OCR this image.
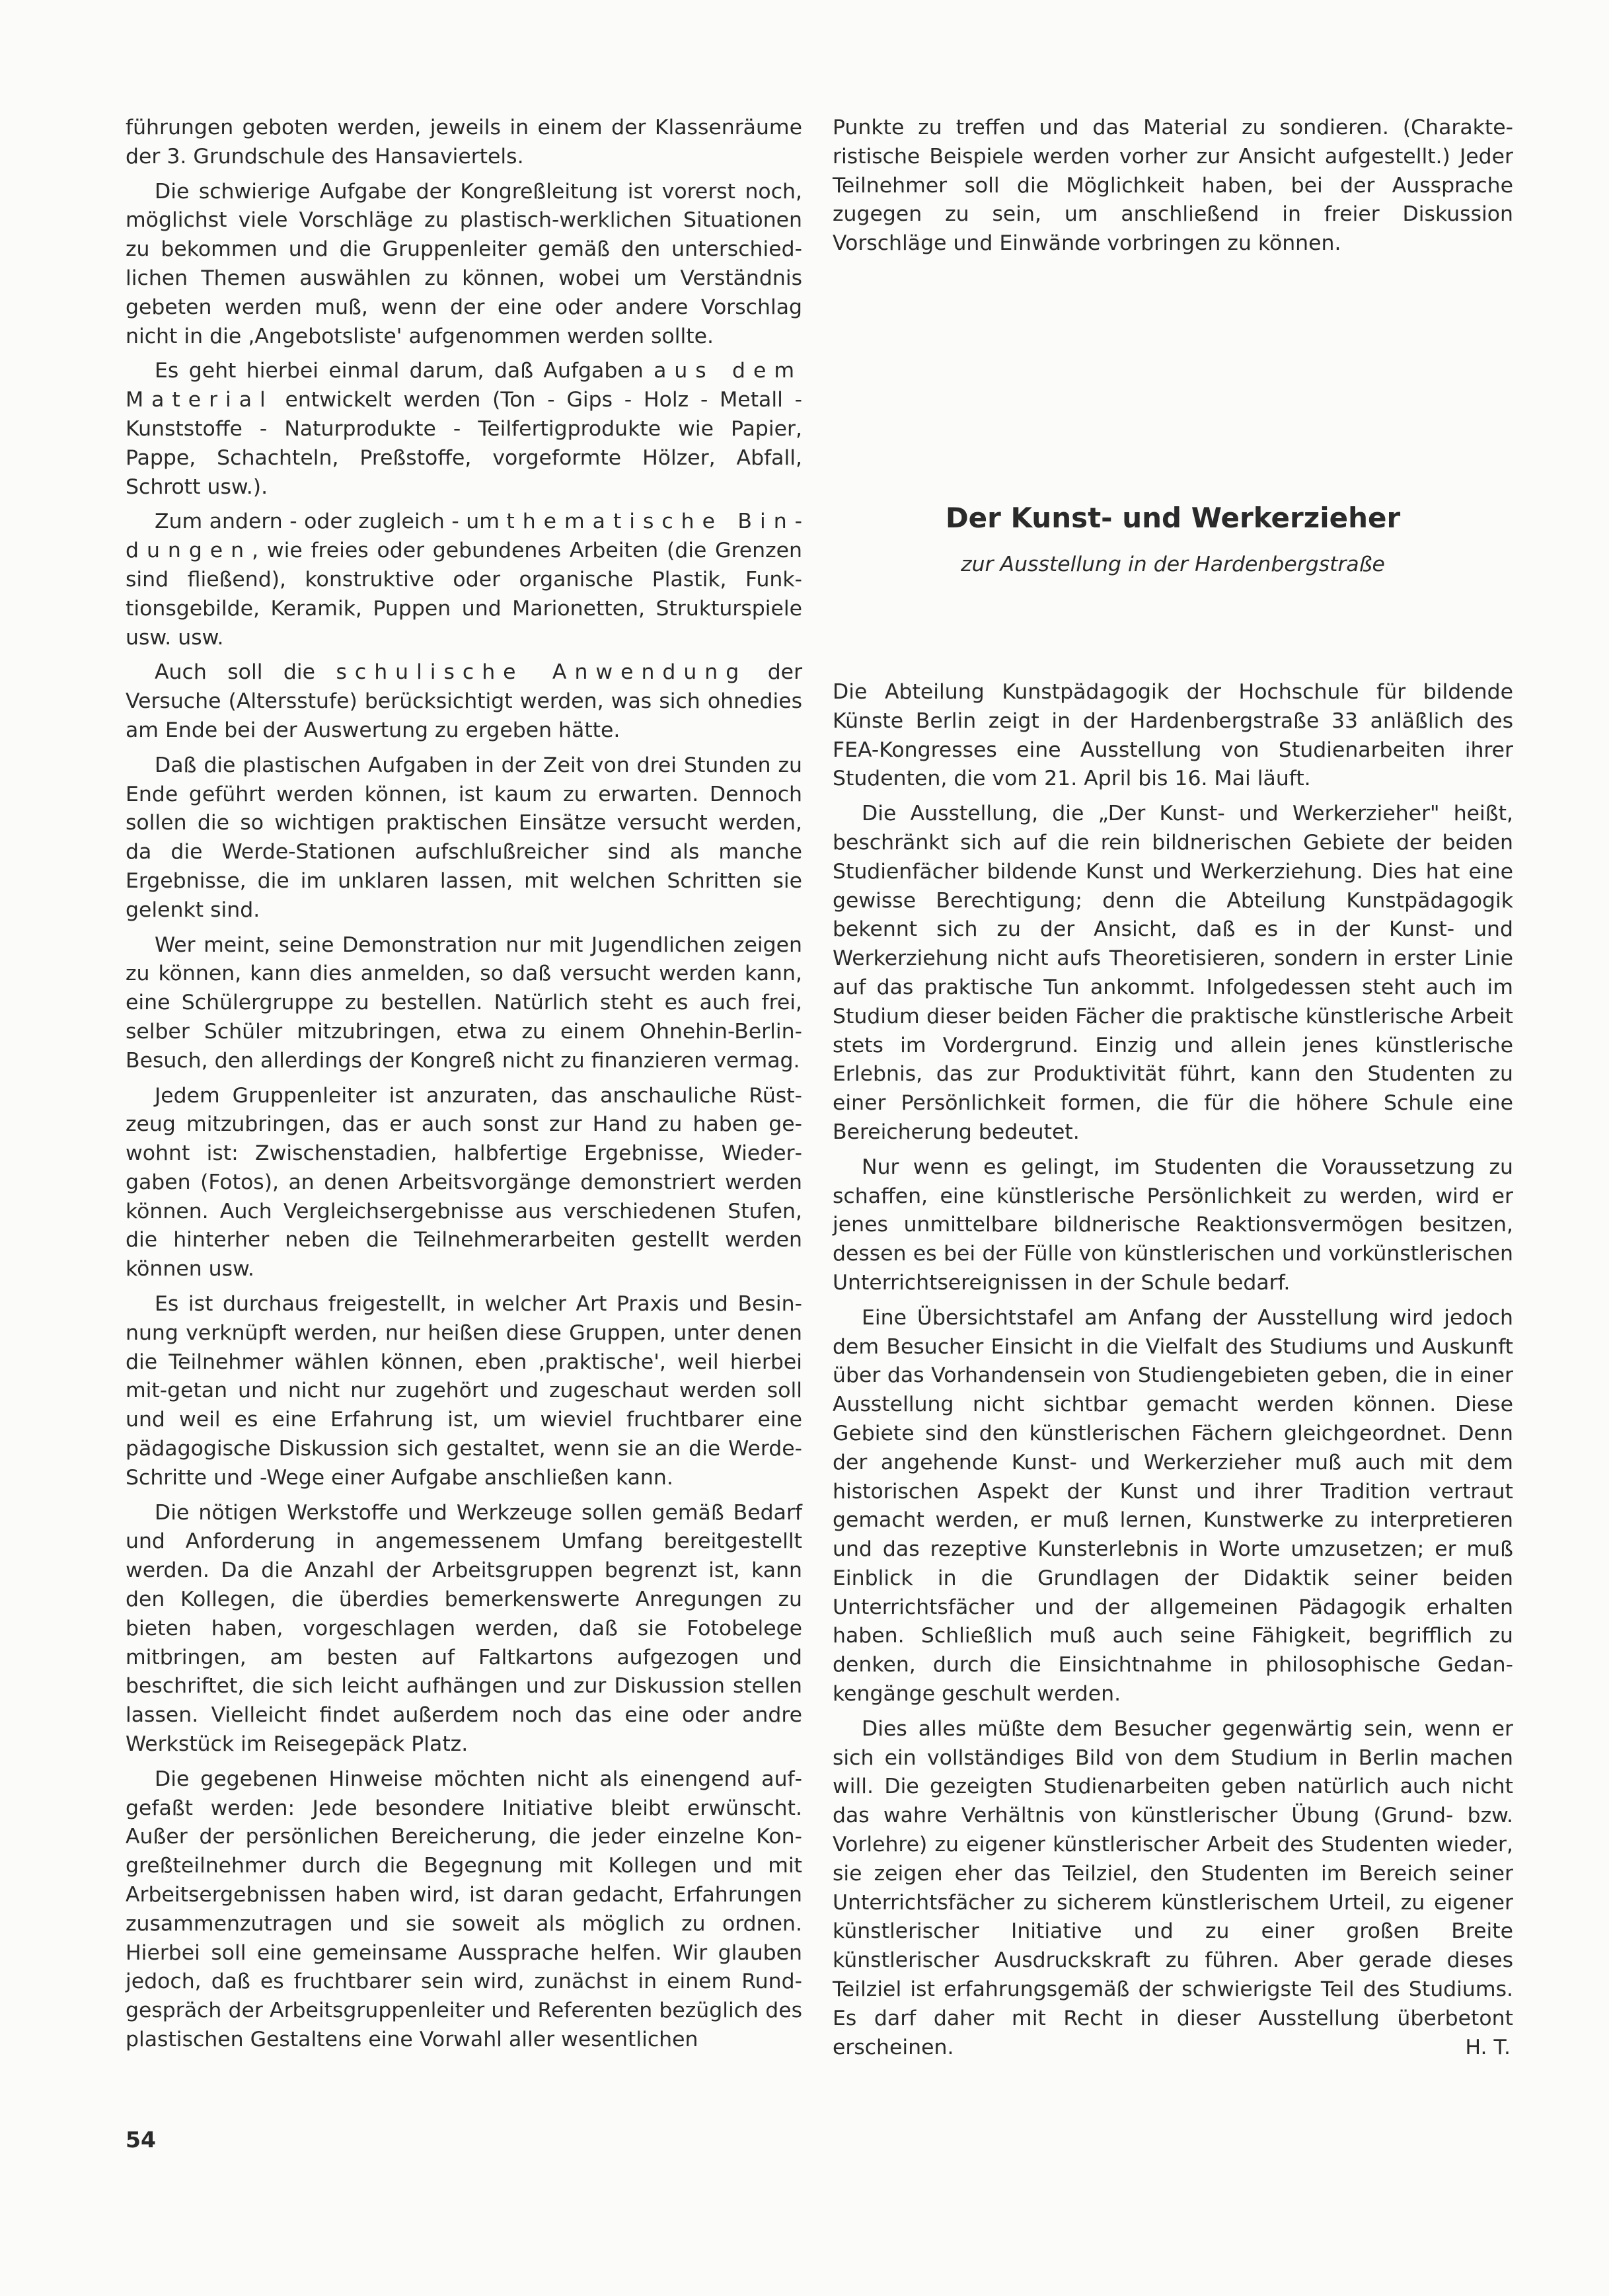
führungen geboten werden, jeweils in einem der Klassenräume der 3. Grundschule des Hansaviertels.

Die schwierige Aufgabe der Kongreßleitung ist vorerst noch, möglichst viele Vorschläge zu plastisch-werklichen Situationen zu bekommen und die Gruppenleiter gemäß den unterschiedlichen Themen auswählen zu können, wobei um Verständnis gebeten werden muß, wenn der eine oder andere Vorschlag nicht in die ‚Angebotsliste' aufgenommen werden sollte.

Es geht hierbei einmal darum, daß Aufgaben aus dem Material entwickelt werden (Ton - Gips - Holz - Metall - Kunststoffe - Naturprodukte - Teilfertigprodukte wie Papier, Pappe, Schachteln, Preßstoffe, vorgeformte Hölzer, Abfall, Schrott usw.).

Zum andern - oder zugleich - um thematische Bindungen, wie freies oder gebundenes Arbeiten (die Grenzen sind fließend), konstruktive oder organische Plastik, Funktionsgebilde, Keramik, Puppen und Marionetten, Strukturspiele usw. usw.

Auch soll die schulische Anwendung der Versuche (Altersstufe) berücksichtigt werden, was sich ohnedies am Ende bei der Auswertung zu ergeben hätte.

Daß die plastischen Aufgaben in der Zeit von drei Stunden zu Ende geführt werden können, ist kaum zu erwarten. Dennoch sollen die so wichtigen praktischen Einsätze versucht werden, da die Werde-Stationen aufschlußreicher sind als manche Ergebnisse, die im unklaren lassen, mit welchen Schritten sie gelenkt sind.

Wer meint, seine Demonstration nur mit Jugendlichen zeigen zu können, kann dies anmelden, so daß versucht werden kann, eine Schülergruppe zu bestellen. Natürlich steht es auch frei, selber Schüler mitzubringen, etwa zu einem Ohnehin-Berlin-Besuch, den allerdings der Kongreß nicht zu finanzieren vermag.

Jedem Gruppenleiter ist anzuraten, das anschauliche Rüstzeug mitzubringen, das er auch sonst zur Hand zu haben gewohnt ist: Zwischenstadien, halbfertige Ergebnisse, Wiedergaben (Fotos), an denen Arbeitsvorgänge demonstriert werden können. Auch Vergleichsergebnisse aus verschiedenen Stufen, die hinterher neben die Teilnehmerarbeiten gestellt werden können usw.

Es ist durchaus freigestellt, in welcher Art Praxis und Besinnung verknüpft werden, nur heißen diese Gruppen, unter denen die Teilnehmer wählen können, eben ‚praktische', weil hierbei mit-getan und nicht nur zugehört und zugeschaut werden soll und weil es eine Erfahrung ist, um wieviel fruchtbarer eine pädagogische Diskussion sich gestaltet, wenn sie an die Werde-Schritte und -Wege einer Aufgabe anschließen kann.

Die nötigen Werkstoffe und Werkzeuge sollen gemäß Bedarf und Anforderung in angemessenem Umfang bereitgestellt werden. Da die Anzahl der Arbeitsgruppen begrenzt ist, kann den Kollegen, die überdies bemerkenswerte Anregungen zu bieten haben, vorgeschlagen werden, daß sie Fotobelege mitbringen, am besten auf Faltkartons aufgezogen und beschriftet, die sich leicht aufhängen und zur Diskussion stellen lassen. Vielleicht findet außerdem noch das eine oder andre Werkstück im Reisegepäck Platz.

Die gegebenen Hinweise möchten nicht als einengend aufgefaßt werden: Jede besondere Initiative bleibt erwünscht. Außer der persönlichen Bereicherung, die jeder einzelne Kongreßteilnehmer durch die Begegnung mit Kollegen und mit Arbeitsergebnissen haben wird, ist daran gedacht, Erfahrungen zusammenzutragen und sie soweit als möglich zu ordnen. Hierbei soll eine gemeinsame Aussprache helfen. Wir glauben jedoch, daß es fruchtbarer sein wird, zunächst in einem Rundgespräch der Arbeitsgruppenleiter und Referenten bezüglich des plastischen Gestaltens eine Vorwahl aller wesentlichen

Punkte zu treffen und das Material zu sondieren. (Charakteristische Beispiele werden vorher zur Ansicht aufgestellt.) Jeder Teilnehmer soll die Möglichkeit haben, bei der Aussprache zugegen zu sein, um anschließend in freier Diskussion Vorschläge und Einwände vorbringen zu können.

Der Kunst- und Werkerzieher

zur Ausstellung in der Hardenbergstraße

Die Abteilung Kunstpädagogik der Hochschule für bildende Künste Berlin zeigt in der Hardenbergstraße 33 anläßlich des FEA-Kongresses eine Ausstellung von Studienarbeiten ihrer Studenten, die vom 21. April bis 16. Mai läuft.

Die Ausstellung, die „Der Kunst- und Werkerzieher" heißt, beschränkt sich auf die rein bildnerischen Gebiete der beiden Studienfächer bildende Kunst und Werkerziehung. Dies hat eine gewisse Berechtigung; denn die Abteilung Kunstpädagogik bekennt sich zu der Ansicht, daß es in der Kunst- und Werkerziehung nicht aufs Theoretisieren, sondern in erster Linie auf das praktische Tun ankommt. Infolgedessen steht auch im Studium dieser beiden Fächer die praktische künstlerische Arbeit stets im Vordergrund. Einzig und allein jenes künstlerische Erlebnis, das zur Produktivität führt, kann den Studenten zu einer Persönlichkeit formen, die für die höhere Schule eine Bereicherung bedeutet.

Nur wenn es gelingt, im Studenten die Voraussetzung zu schaffen, eine künstlerische Persönlichkeit zu werden, wird er jenes unmittelbare bildnerische Reaktionsvermögen besitzen, dessen es bei der Fülle von künstlerischen und vorkünstlerischen Unterrichtsereignissen in der Schule bedarf.

Eine Übersichtstafel am Anfang der Ausstellung wird jedoch dem Besucher Einsicht in die Vielfalt des Studiums und Auskunft über das Vorhandensein von Studiengebieten geben, die in einer Ausstellung nicht sichtbar gemacht werden können. Diese Gebiete sind den künstlerischen Fächern gleichgeordnet. Denn der angehende Kunst- und Werkerzieher muß auch mit dem historischen Aspekt der Kunst und ihrer Tradition vertraut gemacht werden, er muß lernen, Kunstwerke zu interpretieren und das rezeptive Kunsterlebnis in Worte umzusetzen; er muß Einblick in die Grundlagen der Didaktik seiner beiden Unterrichtsfächer und der allgemeinen Pädagogik erhalten haben. Schließlich muß auch seine Fähigkeit, begrifflich zu denken, durch die Einsichtnahme in philosophische Gedankengänge geschult werden.

Dies alles müßte dem Besucher gegenwärtig sein, wenn er sich ein vollständiges Bild von dem Studium in Berlin machen will. Die gezeigten Studienarbeiten geben natürlich auch nicht das wahre Verhältnis von künstlerischer Übung (Grund- bzw. Vorlehre) zu eigener künstlerischer Arbeit des Studenten wieder, sie zeigen eher das Teilziel, den Studenten im Bereich seiner Unterrichtsfächer zu sicherem künstlerischem Urteil, zu eigener künstlerischer Initiative und zu einer großen Breite künstlerischer Ausdruckskraft zu führen. Aber gerade dieses Teilziel ist erfahrungsgemäß der schwierigste Teil des Studiums. Es darf daher mit Recht in dieser Ausstellung überbetont erscheinen.	H. T.

54
